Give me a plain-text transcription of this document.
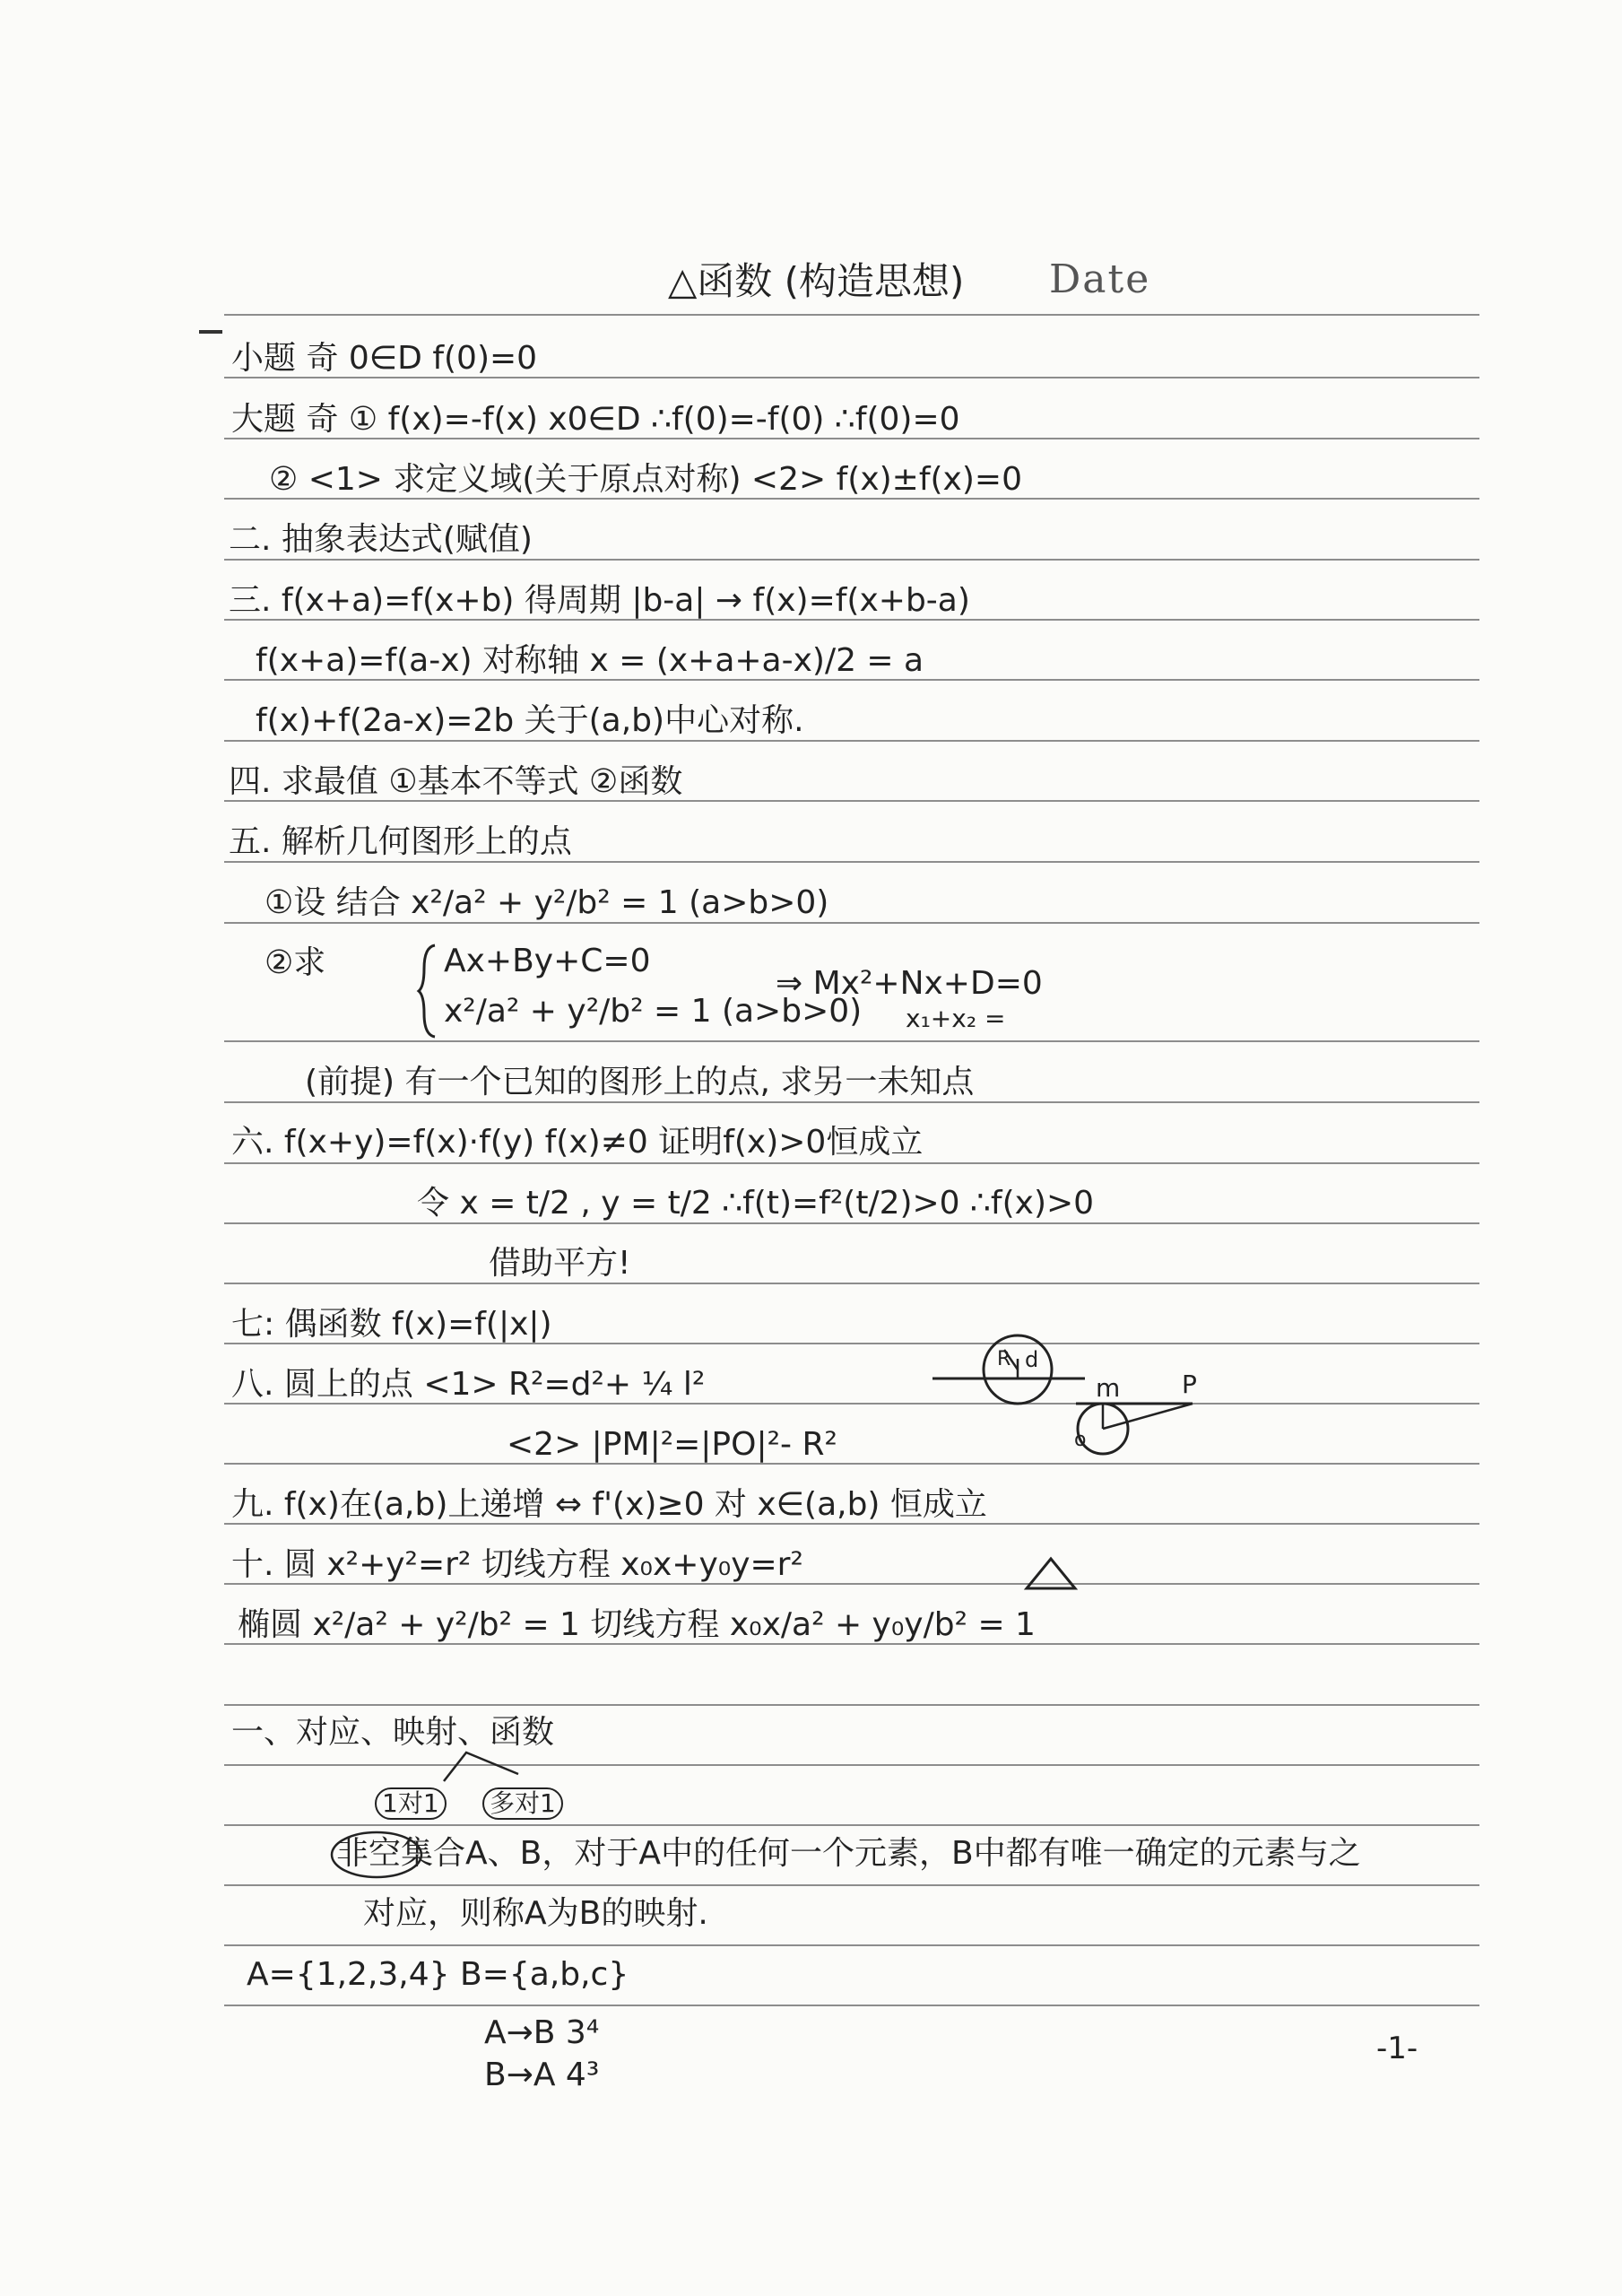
△函数 (构造思想) Date
小题 奇 0∈D f(0)=0
大题 奇 ① f(x)=-f(x) x0∈D ∴f(0)=-f(0) ∴f(0)=0
② <1> 求定义域(关于原点对称) <2> f(x)±f(x)=0
二. 抽象表达式(赋值)
三. f(x+a)=f(x+b) 得周期 |b-a| → f(x)=f(x+b-a)
f(x+a)=f(a-x) 对称轴 x = (x+a+a-x)/2 = a
f(x)+f(2a-x)=2b 关于(a,b)中心对称.
四. 求最值 ①基本不等式 ②函数
五. 解析几何图形上的点
①设 结合 x²/a² + y²/b² = 1 (a>b>0)
②求	Ax+By+C=0
⇒ Mx²+Nx+D=0
x²/a² + y²/b² = 1 (a>b>0) x₁+x₂ =
(前提) 有一个已知的图形上的点, 求另一未知点
六. f(x+y)=f(x)·f(y) f(x)≠0 证明f(x)>0恒成立
令 x = t/2 , y = t/2 ∴f(t)=f²(t/2)>0 ∴f(x)>0
借助平方!
七: 偶函数 f(x)=f(|x|)
八. 圆上的点 <1> R²=d²+ ¼ l²
<2> |PM|²=|PO|²- R²
九. f(x)在(a,b)上递增 ⇔ f'(x)≥0 对 x∈(a,b) 恒成立
十. 圆 x²+y²=r² 切线方程 x₀x+y₀y=r²
椭圆 x²/a² + y²/b² = 1 切线方程 x₀x/a² + y₀y/b² = 1
R d
m P
o
一、对应、映射、函数
1对1 多对1
非空集合A、B，对于A中的任何一个元素，B中都有唯一确定的元素与之
对应，则称A为B的映射.
A={1,2,3,4} B={a,b,c}
A→B 3⁴
B→A 4³
-1-
